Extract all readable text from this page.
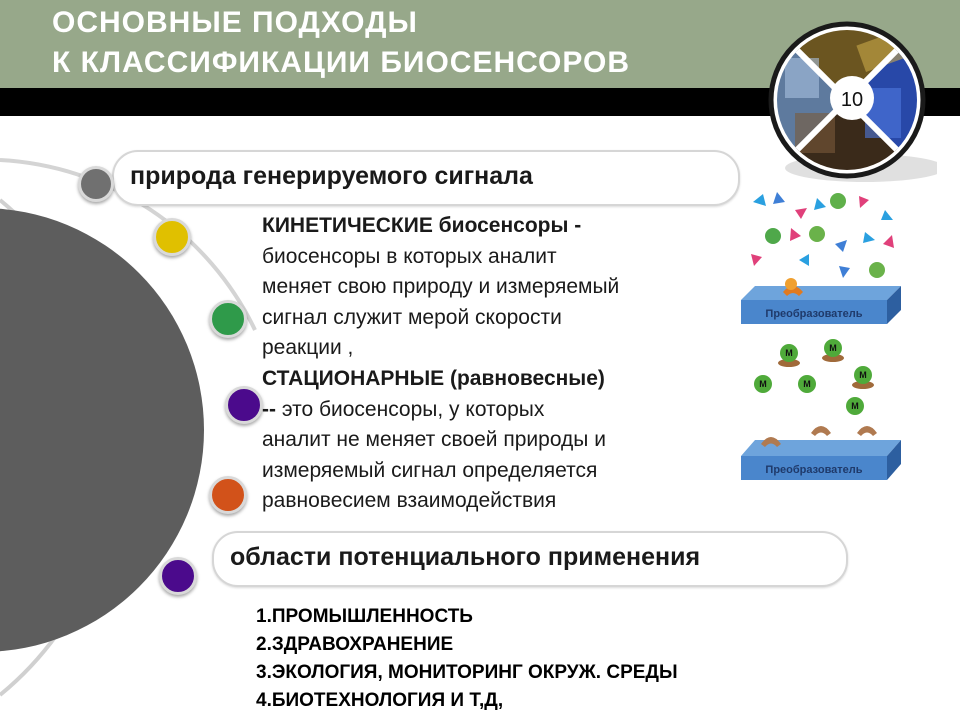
ОСНОВНЫЕ ПОДХОДЫ
К КЛАССИФИКАЦИИ БИОСЕНСОРОВ
10
природа генерируемого сигнала
области потенциального применения
КИНЕТИЧЕСКИЕ биосенсоры -
биосенсоры в которых аналит
меняет свою природу и измеряемый
сигнал служит мерой скорости
реакции ,
СТАЦИОНАРНЫЕ (равновесные)
-- это биосенсоры, у которых
аналит не меняет своей природы и
измеряемый сигнал определяется
равновесием взаимодействия
1.ПРОМЫШЛЕННОСТЬ
2.ЗДРАВОХРАНЕНИЕ
3.ЭКОЛОГИЯ, МОНИТОРИНГ ОКРУЖ. СРЕДЫ
4.БИОТЕХНОЛОГИЯ И Т,Д,
Преобразователь
М	М
М	М
М
М
Преобразователь
